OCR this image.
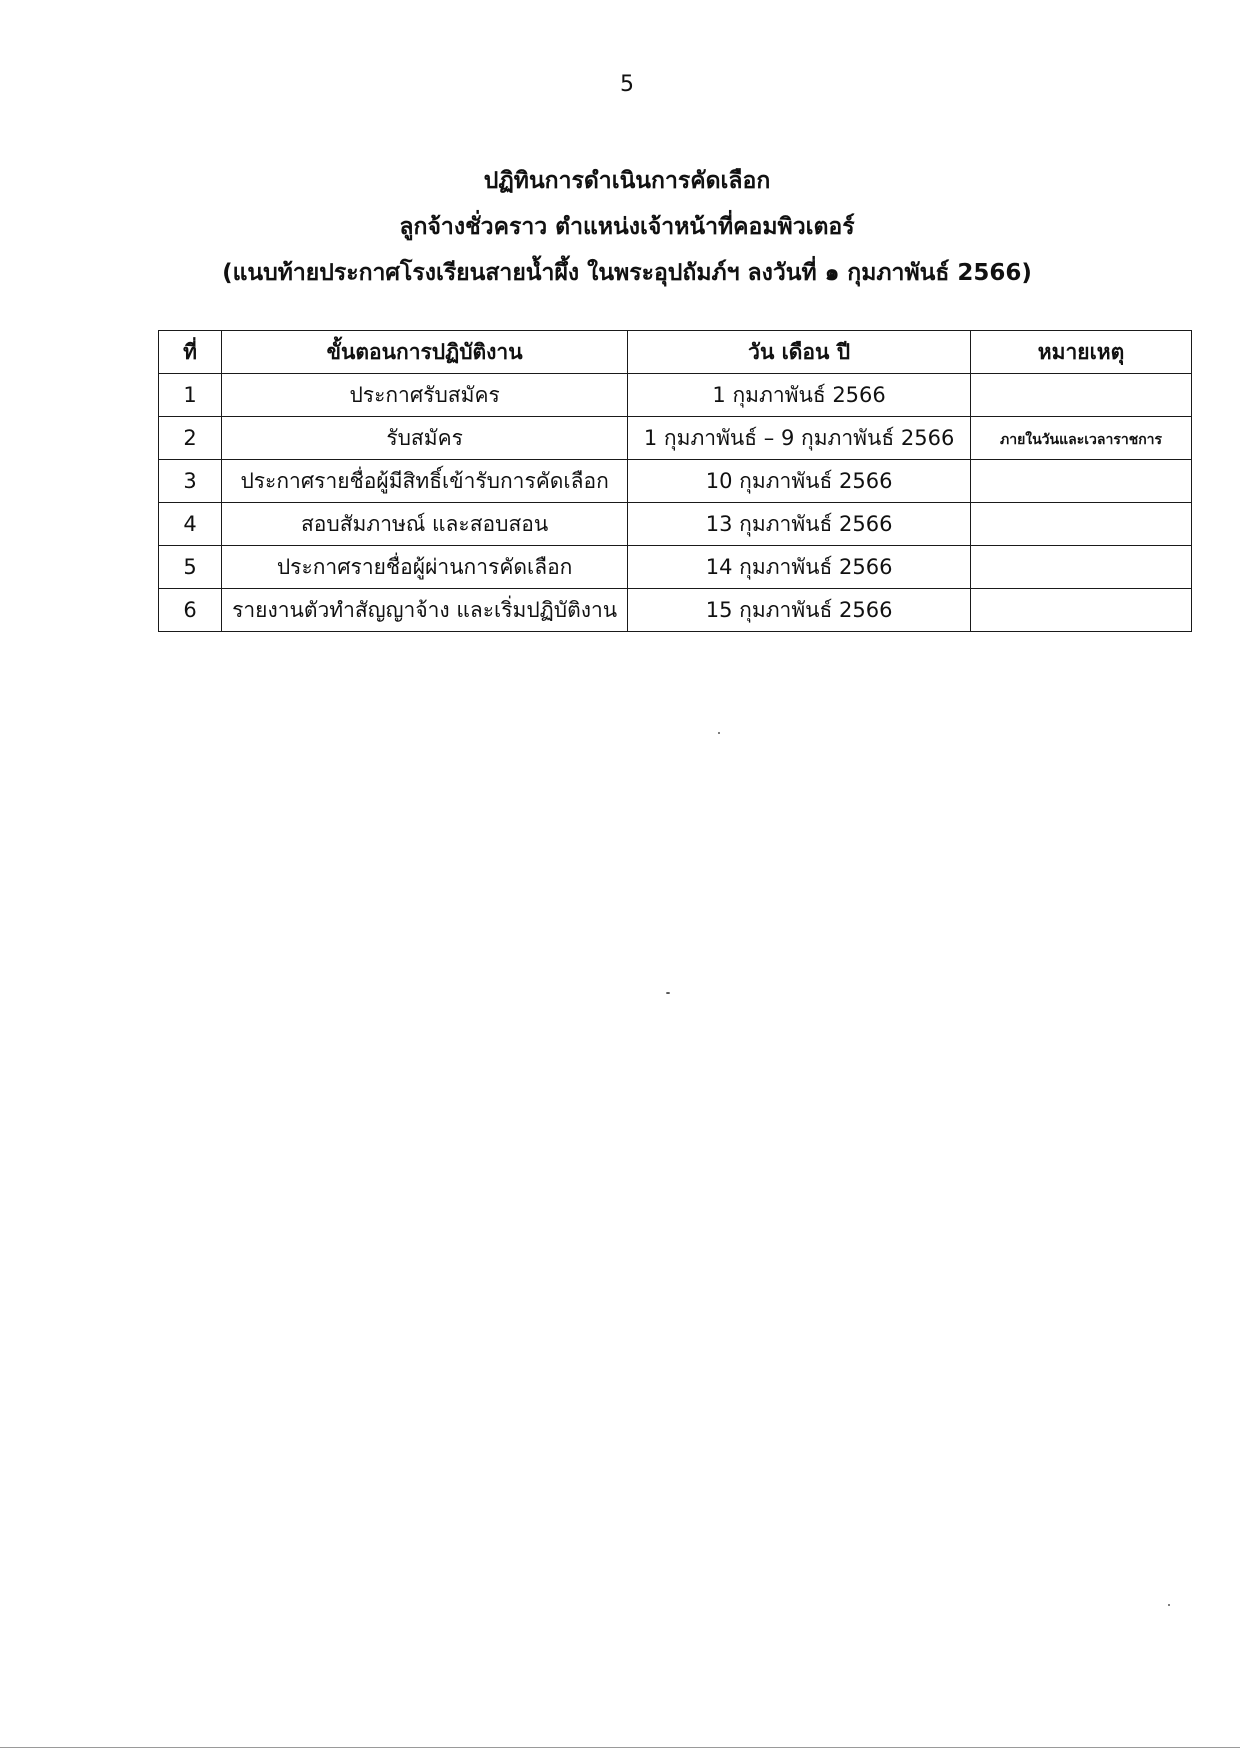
5
ปฏิทินการดำเนินการคัดเลือก
ลูกจ้างชั่วคราว ตำแหน่งเจ้าหน้าที่คอมพิวเตอร์
(แนบท้ายประกาศโรงเรียนสายน้ำผึ้ง ในพระอุปถัมภ์ฯ ลงวันที่ ๑ กุมภาพันธ์ 2566)
ที่	ขั้นตอนการปฏิบัติงาน	วัน เดือน ปี	หมายเหตุ
1	ประกาศรับสมัคร	1 กุมภาพันธ์ 2566	
2	รับสมัคร	1 กุมภาพันธ์ – 9 กุมภาพันธ์ 2566	ภายในวันและเวลาราชการ
3	ประกาศรายชื่อผู้มีสิทธิ์เข้ารับการคัดเลือก	10 กุมภาพันธ์ 2566	
4	สอบสัมภาษณ์ และสอบสอน	13 กุมภาพันธ์ 2566	
5	ประกาศรายชื่อผู้ผ่านการคัดเลือก	14 กุมภาพันธ์ 2566	
6	รายงานตัวทำสัญญาจ้าง และเริ่มปฏิบัติงาน	15 กุมภาพันธ์ 2566	
